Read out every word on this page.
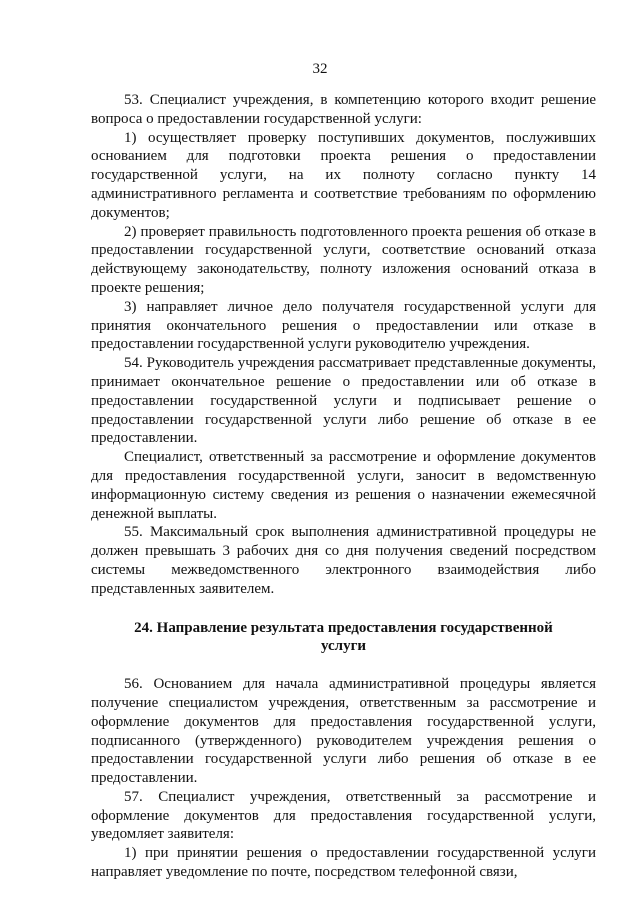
32

53. Специалист учреждения, в компетенцию которого входит решение вопроса о предоставлении государственной услуги:

1) осуществляет проверку поступивших документов, послуживших основанием для подготовки проекта решения о предоставлении государственной услуги, на их полноту согласно пункту 14 административного регламента и соответствие требованиям по оформлению документов;

2) проверяет правильность подготовленного проекта решения об отказе в предоставлении государственной услуги, соответствие оснований отказа действующему законодательству, полноту изложения оснований отказа в проекте решения;

3) направляет личное дело получателя государственной услуги для принятия окончательного решения о предоставлении или отказе в предоставлении государственной услуги руководителю учреждения.

54. Руководитель учреждения рассматривает представленные документы, принимает окончательное решение о предоставлении или об отказе в предоставлении государственной услуги и подписывает решение о предоставлении государственной услуги либо решение об отказе в ее предоставлении.

Специалист, ответственный за рассмотрение и оформление документов для предоставления государственной услуги, заносит в ведомственную информационную систему сведения из решения о назначении ежемесячной денежной выплаты.

55. Максимальный срок выполнения административной процедуры не должен превышать 3 рабочих дня со дня получения сведений посредством системы межведомственного электронного взаимодействия либо представленных заявителем.

24. Направление результата предоставления государственной услуги

56. Основанием для начала административной процедуры является получение специалистом учреждения, ответственным за рассмотрение и оформление документов для предоставления государственной услуги, подписанного (утвержденного) руководителем учреждения решения о предоставлении государственной услуги либо решения об отказе в ее предоставлении.

57. Специалист учреждения, ответственный за рассмотрение и оформление документов для предоставления государственной услуги, уведомляет заявителя:

1) при принятии решения о предоставлении государственной услуги направляет уведомление по почте, посредством телефонной связи,
